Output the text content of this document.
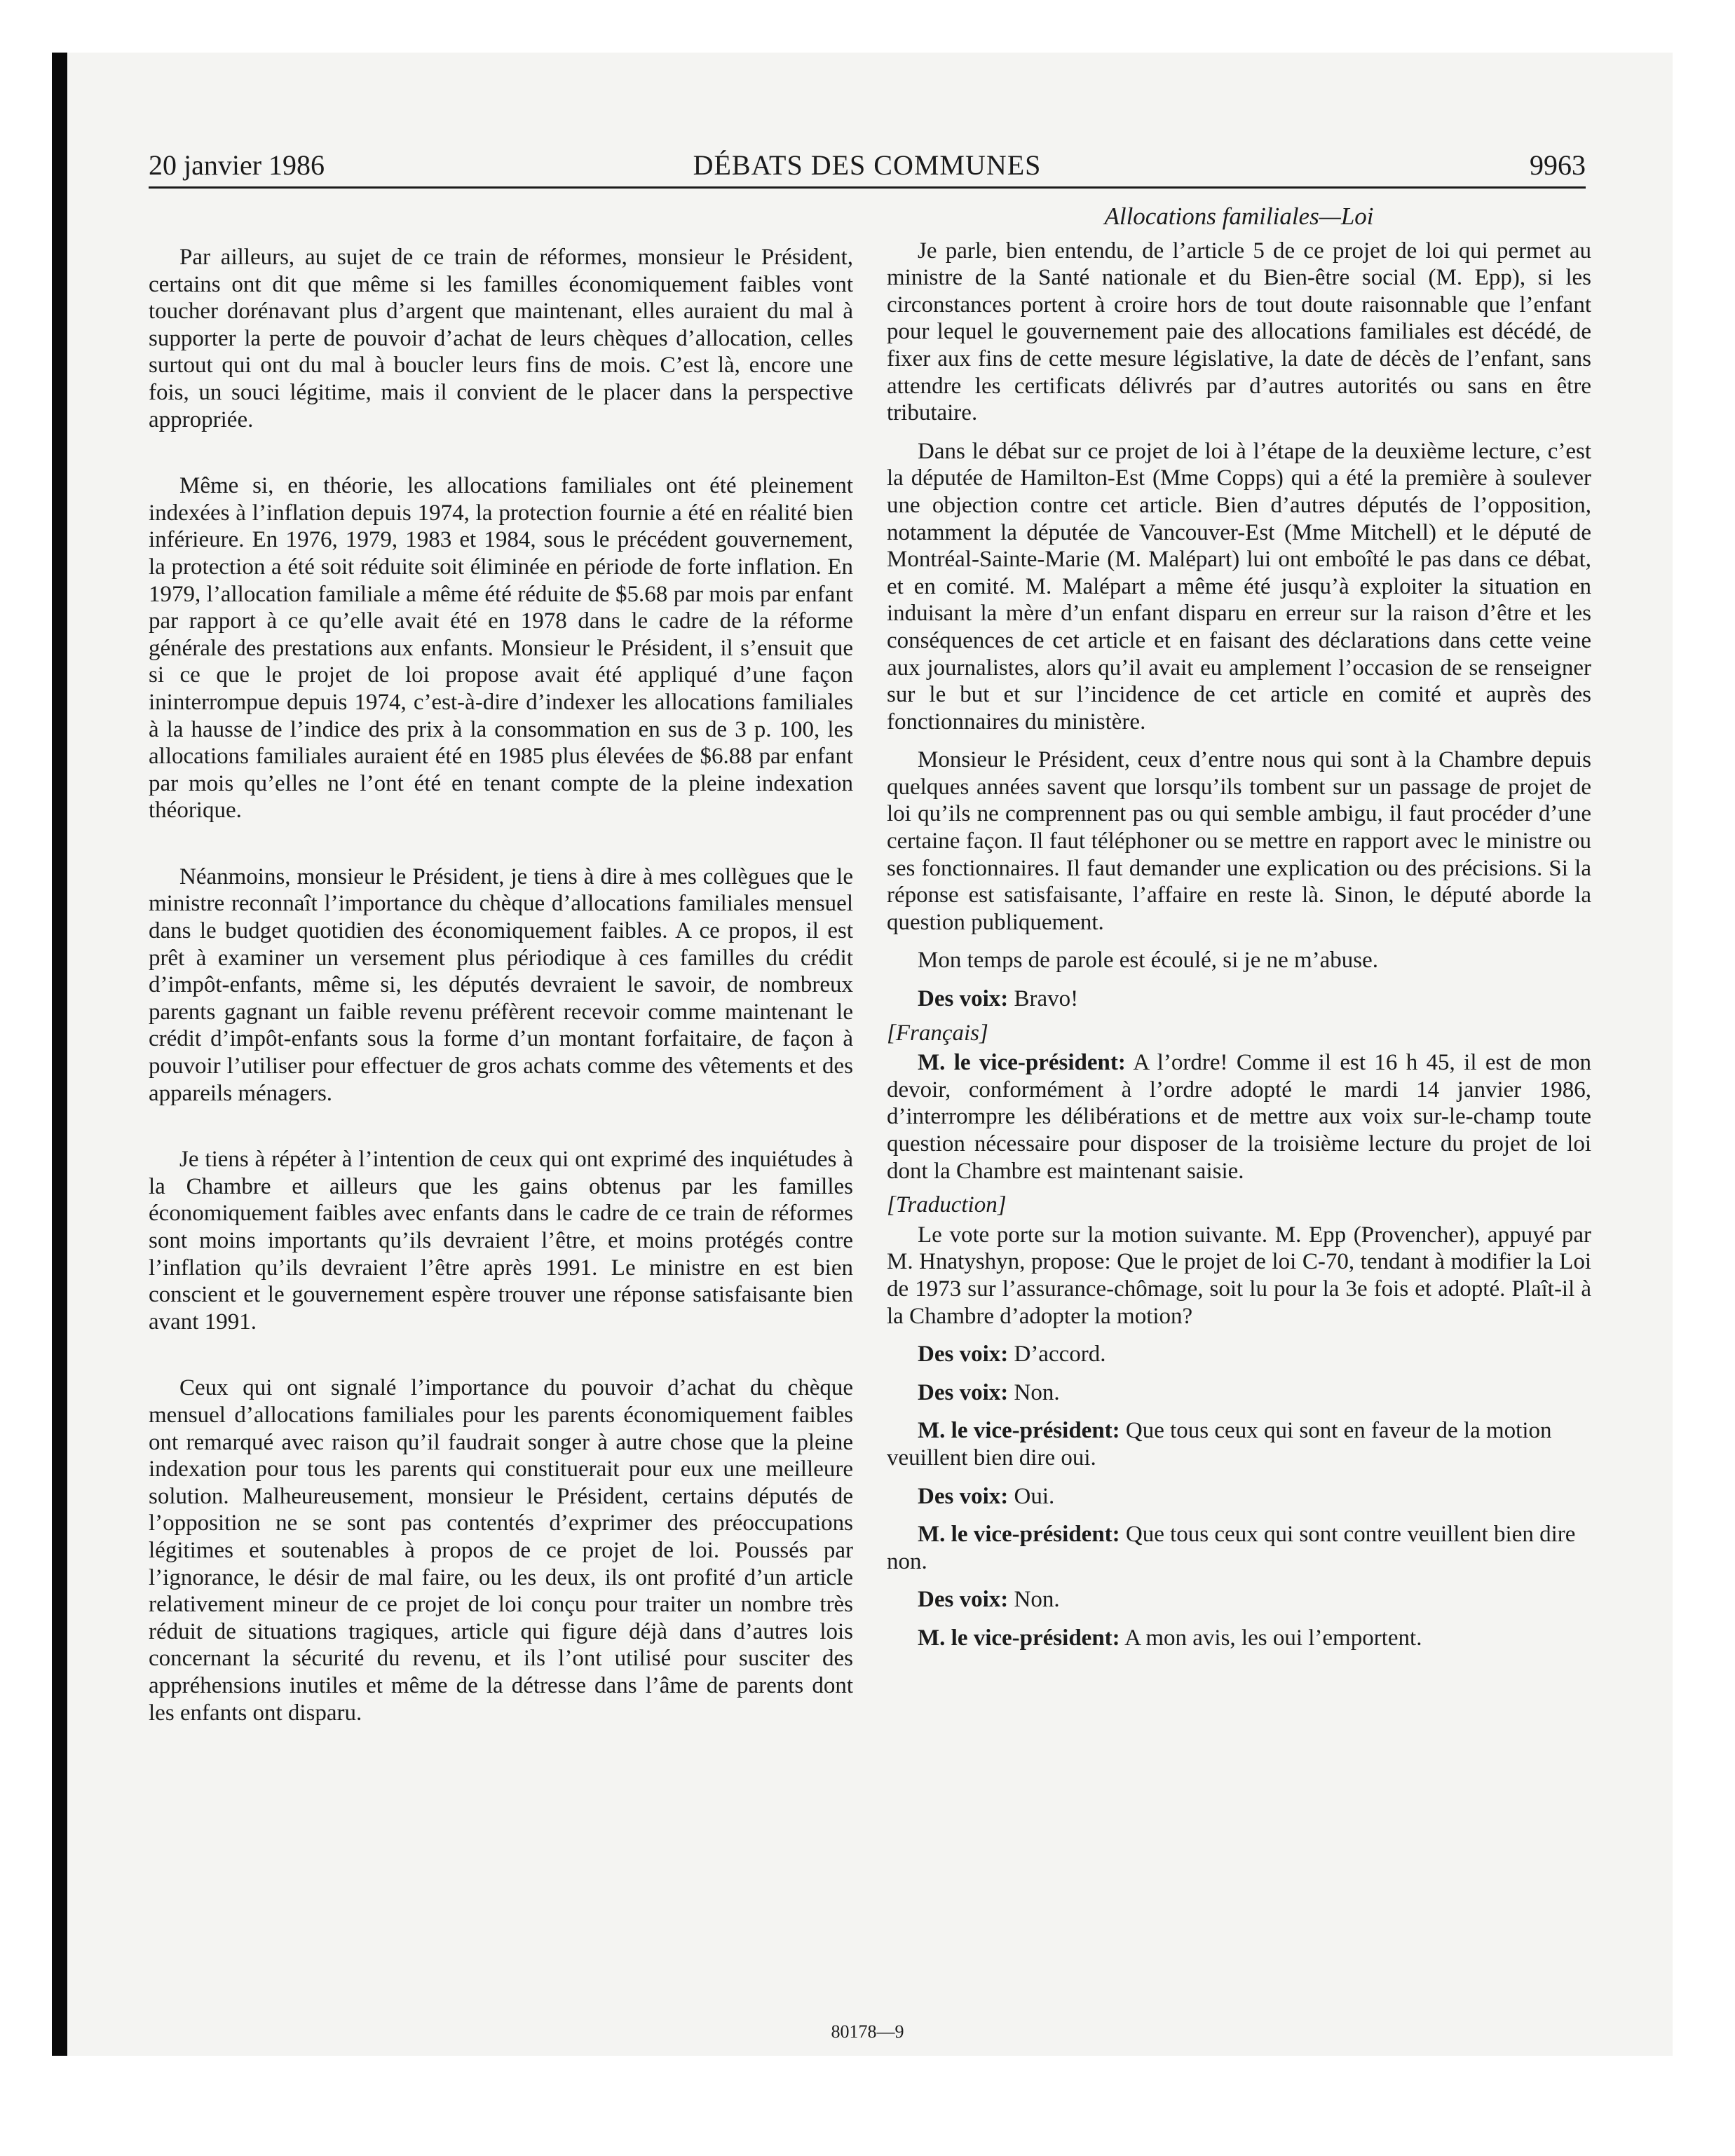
20 janvier 1986	DÉBATS DES COMMUNES	9963

Par ailleurs, au sujet de ce train de réformes, monsieur le Président, certains ont dit que même si les familles économiquement faibles vont toucher dorénavant plus d’argent que maintenant, elles auraient du mal à supporter la perte de pouvoir d’achat de leurs chèques d’allocation, celles surtout qui ont du mal à boucler leurs fins de mois. C’est là, encore une fois, un souci légitime, mais il convient de le placer dans la perspective appropriée.

Même si, en théorie, les allocations familiales ont été pleinement indexées à l’inflation depuis 1974, la protection fournie a été en réalité bien inférieure. En 1976, 1979, 1983 et 1984, sous le précédent gouvernement, la protection a été soit réduite soit éliminée en période de forte inflation. En 1979, l’allocation familiale a même été réduite de $5.68 par mois par enfant par rapport à ce qu’elle avait été en 1978 dans le cadre de la réforme générale des prestations aux enfants. Monsieur le Président, il s’ensuit que si ce que le projet de loi propose avait été appliqué d’une façon ininterrompue depuis 1974, c’est-à-dire d’indexer les allocations familiales à la hausse de l’indice des prix à la consommation en sus de 3 p. 100, les allocations familiales auraient été en 1985 plus élevées de $6.88 par enfant par mois qu’elles ne l’ont été en tenant compte de la pleine indexation théorique.

Néanmoins, monsieur le Président, je tiens à dire à mes collègues que le ministre reconnaît l’importance du chèque d’allocations familiales mensuel dans le budget quotidien des économiquement faibles. A ce propos, il est prêt à examiner un versement plus périodique à ces familles du crédit d’impôt-enfants, même si, les députés devraient le savoir, de nombreux parents gagnant un faible revenu préfèrent recevoir comme maintenant le crédit d’impôt-enfants sous la forme d’un montant forfaitaire, de façon à pouvoir l’utiliser pour effectuer de gros achats comme des vêtements et des appareils ménagers.

Je tiens à répéter à l’intention de ceux qui ont exprimé des inquiétudes à la Chambre et ailleurs que les gains obtenus par les familles économiquement faibles avec enfants dans le cadre de ce train de réformes sont moins importants qu’ils devraient l’être, et moins protégés contre l’inflation qu’ils devraient l’être après 1991. Le ministre en est bien conscient et le gouvernement espère trouver une réponse satisfaisante bien avant 1991.

Ceux qui ont signalé l’importance du pouvoir d’achat du chèque mensuel d’allocations familiales pour les parents économiquement faibles ont remarqué avec raison qu’il faudrait songer à autre chose que la pleine indexation pour tous les parents qui constituerait pour eux une meilleure solution. Malheureusement, monsieur le Président, certains députés de l’opposition ne se sont pas contentés d’exprimer des préoccupations légitimes et soutenables à propos de ce projet de loi. Poussés par l’ignorance, le désir de mal faire, ou les deux, ils ont profité d’un article relativement mineur de ce projet de loi conçu pour traiter un nombre très réduit de situations tragiques, article qui figure déjà dans d’autres lois concernant la sécurité du revenu, et ils l’ont utilisé pour susciter des appréhensions inutiles et même de la détresse dans l’âme de parents dont les enfants ont disparu.

Allocations familiales—Loi

Je parle, bien entendu, de l’article 5 de ce projet de loi qui permet au ministre de la Santé nationale et du Bien-être social (M. Epp), si les circonstances portent à croire hors de tout doute raisonnable que l’enfant pour lequel le gouvernement paie des allocations familiales est décédé, de fixer aux fins de cette mesure législative, la date de décès de l’enfant, sans attendre les certificats délivrés par d’autres autorités ou sans en être tributaire.

Dans le débat sur ce projet de loi à l’étape de la deuxième lecture, c’est la députée de Hamilton-Est (Mme Copps) qui a été la première à soulever une objection contre cet article. Bien d’autres députés de l’opposition, notamment la députée de Vancouver-Est (Mme Mitchell) et le député de Montréal-Sainte-Marie (M. Malépart) lui ont emboîté le pas dans ce débat, et en comité. M. Malépart a même été jusqu’à exploiter la situation en induisant la mère d’un enfant disparu en erreur sur la raison d’être et les conséquences de cet article et en faisant des déclarations dans cette veine aux journalistes, alors qu’il avait eu amplement l’occasion de se renseigner sur le but et sur l’incidence de cet article en comité et auprès des fonctionnaires du ministère.

Monsieur le Président, ceux d’entre nous qui sont à la Chambre depuis quelques années savent que lorsqu’ils tombent sur un passage de projet de loi qu’ils ne comprennent pas ou qui semble ambigu, il faut procéder d’une certaine façon. Il faut téléphoner ou se mettre en rapport avec le ministre ou ses fonctionnaires. Il faut demander une explication ou des précisions. Si la réponse est satisfaisante, l’affaire en reste là. Sinon, le député aborde la question publiquement.

Mon temps de parole est écoulé, si je ne m’abuse.

Des voix: Bravo!

[Français]

M. le vice-président: A l’ordre! Comme il est 16 h 45, il est de mon devoir, conformément à l’ordre adopté le mardi 14 janvier 1986, d’interrompre les délibérations et de mettre aux voix sur-le-champ toute question nécessaire pour disposer de la troisième lecture du projet de loi dont la Chambre est maintenant saisie.

[Traduction]

Le vote porte sur la motion suivante. M. Epp (Provencher), appuyé par M. Hnatyshyn, propose: Que le projet de loi C-70, tendant à modifier la Loi de 1973 sur l’assurance-chômage, soit lu pour la 3e fois et adopté. Plaît-il à la Chambre d’adopter la motion?

Des voix: D’accord.

Des voix: Non.

M. le vice-président: Que tous ceux qui sont en faveur de la motion veuillent bien dire oui.

Des voix: Oui.

M. le vice-président: Que tous ceux qui sont contre veuillent bien dire non.

Des voix: Non.

M. le vice-président: A mon avis, les oui l’emportent.

80178—9
